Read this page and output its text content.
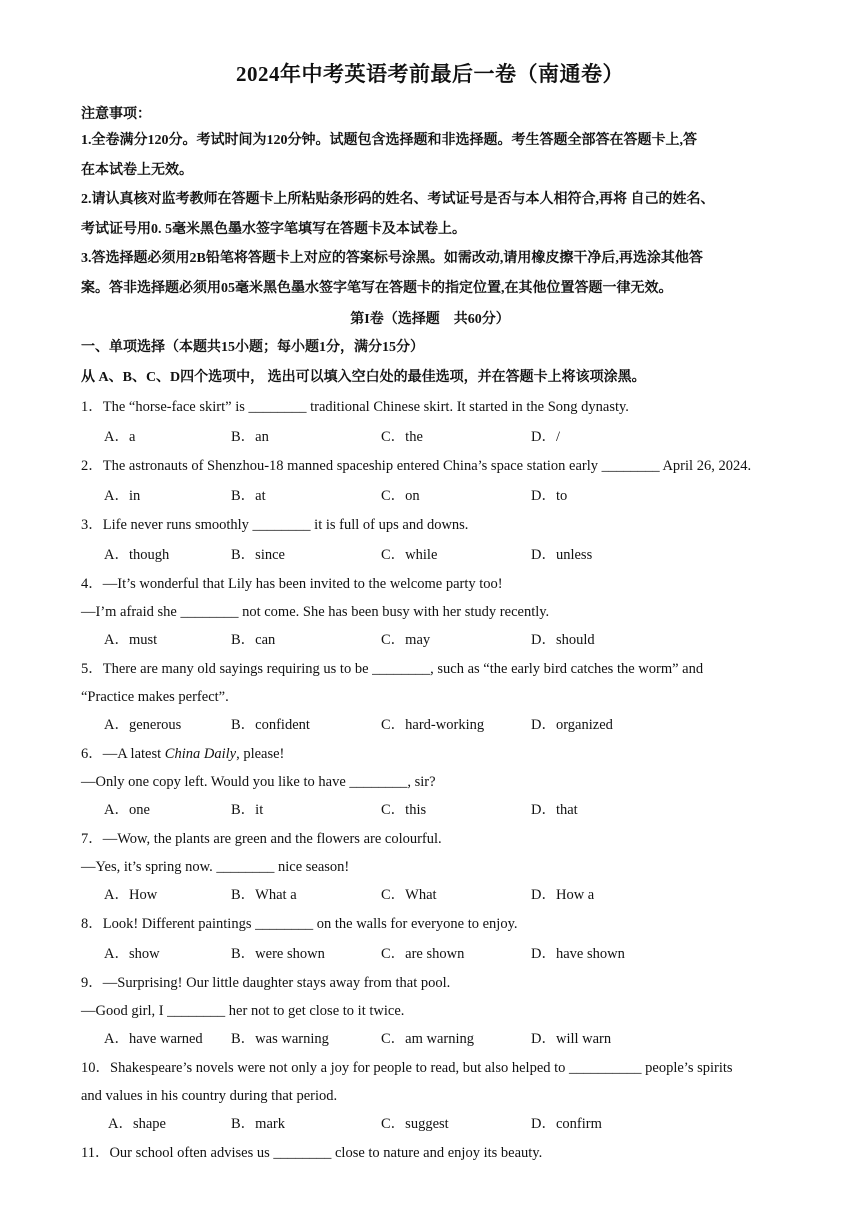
2024年中考英语考前最后一卷（南通卷）
注意事项：

1.全卷满分120分。考试时间为120分钟。试题包含选择题和非选择题。考生答题全部答在答题卡上,答

在本试卷上无效。

2.请认真核对监考教师在答题卡上所粘贴条形码的姓名、考试证号是否与本人相符合,再将 自己的姓名、

考试证号用0. 5毫米黑色墨水签字笔填写在答题卡及本试卷上。

3.答选择题必须用2B铅笔将答题卡上对应的答案标号涂黑。如需改动,请用橡皮擦干净后,再选涂其他答

案。答非选择题必须用05毫米黑色墨水签字笔写在答题卡的指定位置,在其他位置答题一律无效。

第I卷（选择题　共60分）
一、单项选择（本题共15小题；每小题1分，满分15分）
从 A、B、C、D四个选项中， 选出可以填入空白处的最佳选项，并在答题卡上将该项涂黑。
1．The “horse-face skirt” is ________ traditional Chinese skirt. It started in the Song dynasty.
A．a	B．an	C．the	D．/
2．The astronauts of Shenzhou-18 manned spaceship entered China’s space station early ________ April 26, 2024.
A．in	B．at	C．on	D．to
3．Life never runs smoothly ________ it is full of ups and downs.
A．though	B．since	C．while	D．unless
4．—It’s wonderful that Lily has been invited to the welcome party too!
—I’m afraid she ________ not come. She has been busy with her study recently.
A．must	B．can	C．may	D．should
5．There are many old sayings requiring us to be ________, such as “the early bird catches the worm” and
“Practice makes perfect”.
A．generous	B．confident	C．hard-working	D．organized
6．—A latest China Daily, please!
—Only one copy left. Would you like to have ________, sir?
A．one	B．it	C．this	D．that
7．—Wow, the plants are green and the flowers are colourful.
—Yes, it’s spring now. ________ nice season!
A．How	B．What a	C．What	D．How a
8．Look! Different paintings ________ on the walls for everyone to enjoy.
A．show	B．were shown	C．are shown	D．have shown
9．—Surprising! Our little daughter stays away from that pool.
—Good girl, I ________ her not to get close to it twice.
A．have warned B．was warning	C．am warning	D．will warn
10．Shakespeare’s novels were not only a joy for people to read, but also helped to __________ people’s spirits
and values in his country during that period.
A．shape	B．mark	C．suggest	D．confirm
11．Our school often advises us ________ close to nature and enjoy its beauty.
